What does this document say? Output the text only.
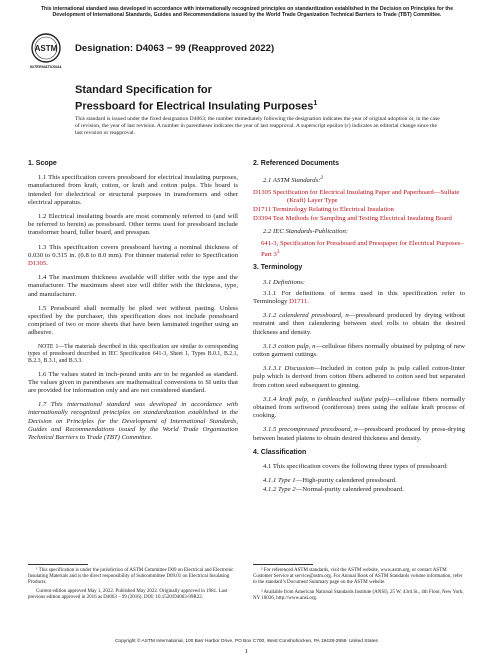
This international standard was developed in accordance with internationally recognized principles on standardization established in the Decision on Principles for the Development of International Standards, Guides and Recommendations issued by the World Trade Organization Technical Barriers to Trade (TBT) Committee.
ASTM
INTERNATIONAL
Designation: D4063 − 99 (Reapproved 2022)
Standard Specification for
Pressboard for Electrical Insulating Purposes$^1$
This standard is issued under the fixed designation D4063; the number immediately following the designation indicates the year of original adoption or, in the case of revision, the year of last revision. A number in parentheses indicates the year of last reapproval. A superscript epsilon (ε) indicates an editorial change since the last revision or reapproval.
1. Scope

1.1 This specification covers pressboard for electrical insulating purposes, manufactured from kraft, cotton, or kraft and cotton pulps. This board is intended for dielectrical or structural purposes in transformers and other electrical apparatus.

1.2 Electrical insulating boards are most commonly referred to (and will be referred to herein) as pressboard. Other terms used for pressboard include transformer board, fuller board, and presspan.

1.3 This specification covers pressboard having a nominal thickness of 0.030 to 0.315 in. (0.8 to 8.0 mm). For thinner material refer to Specification D1305.

1.4 The maximum thickness available will differ with the type and the manufacturer. The maximum sheet size will differ with the thickness, type, and manufacturer.

1.5 Pressboard shall normally be plied wet without pasting. Unless specified by the purchaser, this specification does not include pressboard comprised of two or more sheets that have been laminated together using an adhesive.

NOTE 1—The materials described in this specification are similar to corresponding types of pressboard described in IEC Specification 641-3, Sheet 1, Types B.0.1, B.2.1, B.2.3, B.3.1, and B.3.3.

1.6 The values stated in inch-pound units are to be regarded as standard. The values given in parentheses are mathematical conversions to SI units that are provided for information only and are not considered standard.

1.7 This international standard was developed in accordance with internationally recognized principles on standardization established in the Decision on Principles for the Development of International Standards, Guides and Recommendations issued by the World Trade Organization Technical Barriers to Trade (TBT) Committee.

2. Referenced Documents

2.1 ASTM Standards:$^2$

D1305 Specification for Electrical Insulating Paper and Paperboard—Sulfate (Kraft) Layer Type

D1711 Terminology Relating to Electrical Insulation

D3394 Test Methods for Sampling and Testing Electrical Insulating Board

2.2 IEC Standards-Publication:

641-3, Specification for Pressboard and Presspaper for Electrical Purposes–Part $3^3$

3. Terminology

3.1 Definitions:

3.1.1 For definitions of terms used in this specification refer to Terminology D1711.

3.1.2 calendered pressboard, n—pressboard produced by drying without restraint and then calendering between steel rolls to obtain the desired thickness and density.

3.1.3 cotton pulp, n—cellulose fibers normally obtained by pulping of new cotton garment cuttings.

3.1.3.1 Discussion—Included in cotton pulp is pulp called cotton-linter pulp which is derived from cotton fibers adhered to cotton seed but separated from cotton seed subsequent to ginning.

3.1.4 kraft pulp, n (unbleached sulfate pulp)—cellulose fibers normally obtained from softwood (coniferous) trees using the sulfate kraft process of cooking.

3.1.5 precompressed pressboard, n—pressboard produced by press-drying between heated platens to obtain desired thickness and density.

4. Classification

4.1 This specification covers the following three types of pressboard:

4.1.1 Type 1—High-purity calendered pressboard.

4.1.2 Type 2—Normal-purity calendered pressboard.

¹ This specification is under the jurisdiction of ASTM Committee D09 on Electrical and Electronic Insulating Materials and is the direct responsibility of Subcommittee D09.01 on Electrical Insulating Products.

Current edition approved May 1, 2022. Published May 2022. Originally approved in 1981. Last previous edition approved in 2016 as D4063 – 99 (2016). DOI: 10.1520/D4063-99R22.

² For referenced ASTM standards, visit the ASTM website, www.astm.org, or contact ASTM Customer Service at service@astm.org. For Annual Book of ASTM Standards volume information, refer to the standard’s Document Summary page on the ASTM website.

³ Available from American National Standards Institute (ANSI), 25 W. 43rd St., 4th Floor, New York, NY 10036, http://www.ansi.org.

Copyright © ASTM International, 100 Barr Harbor Drive, PO Box C700, West Conshohocken, PA 19428-2959. United States
1
